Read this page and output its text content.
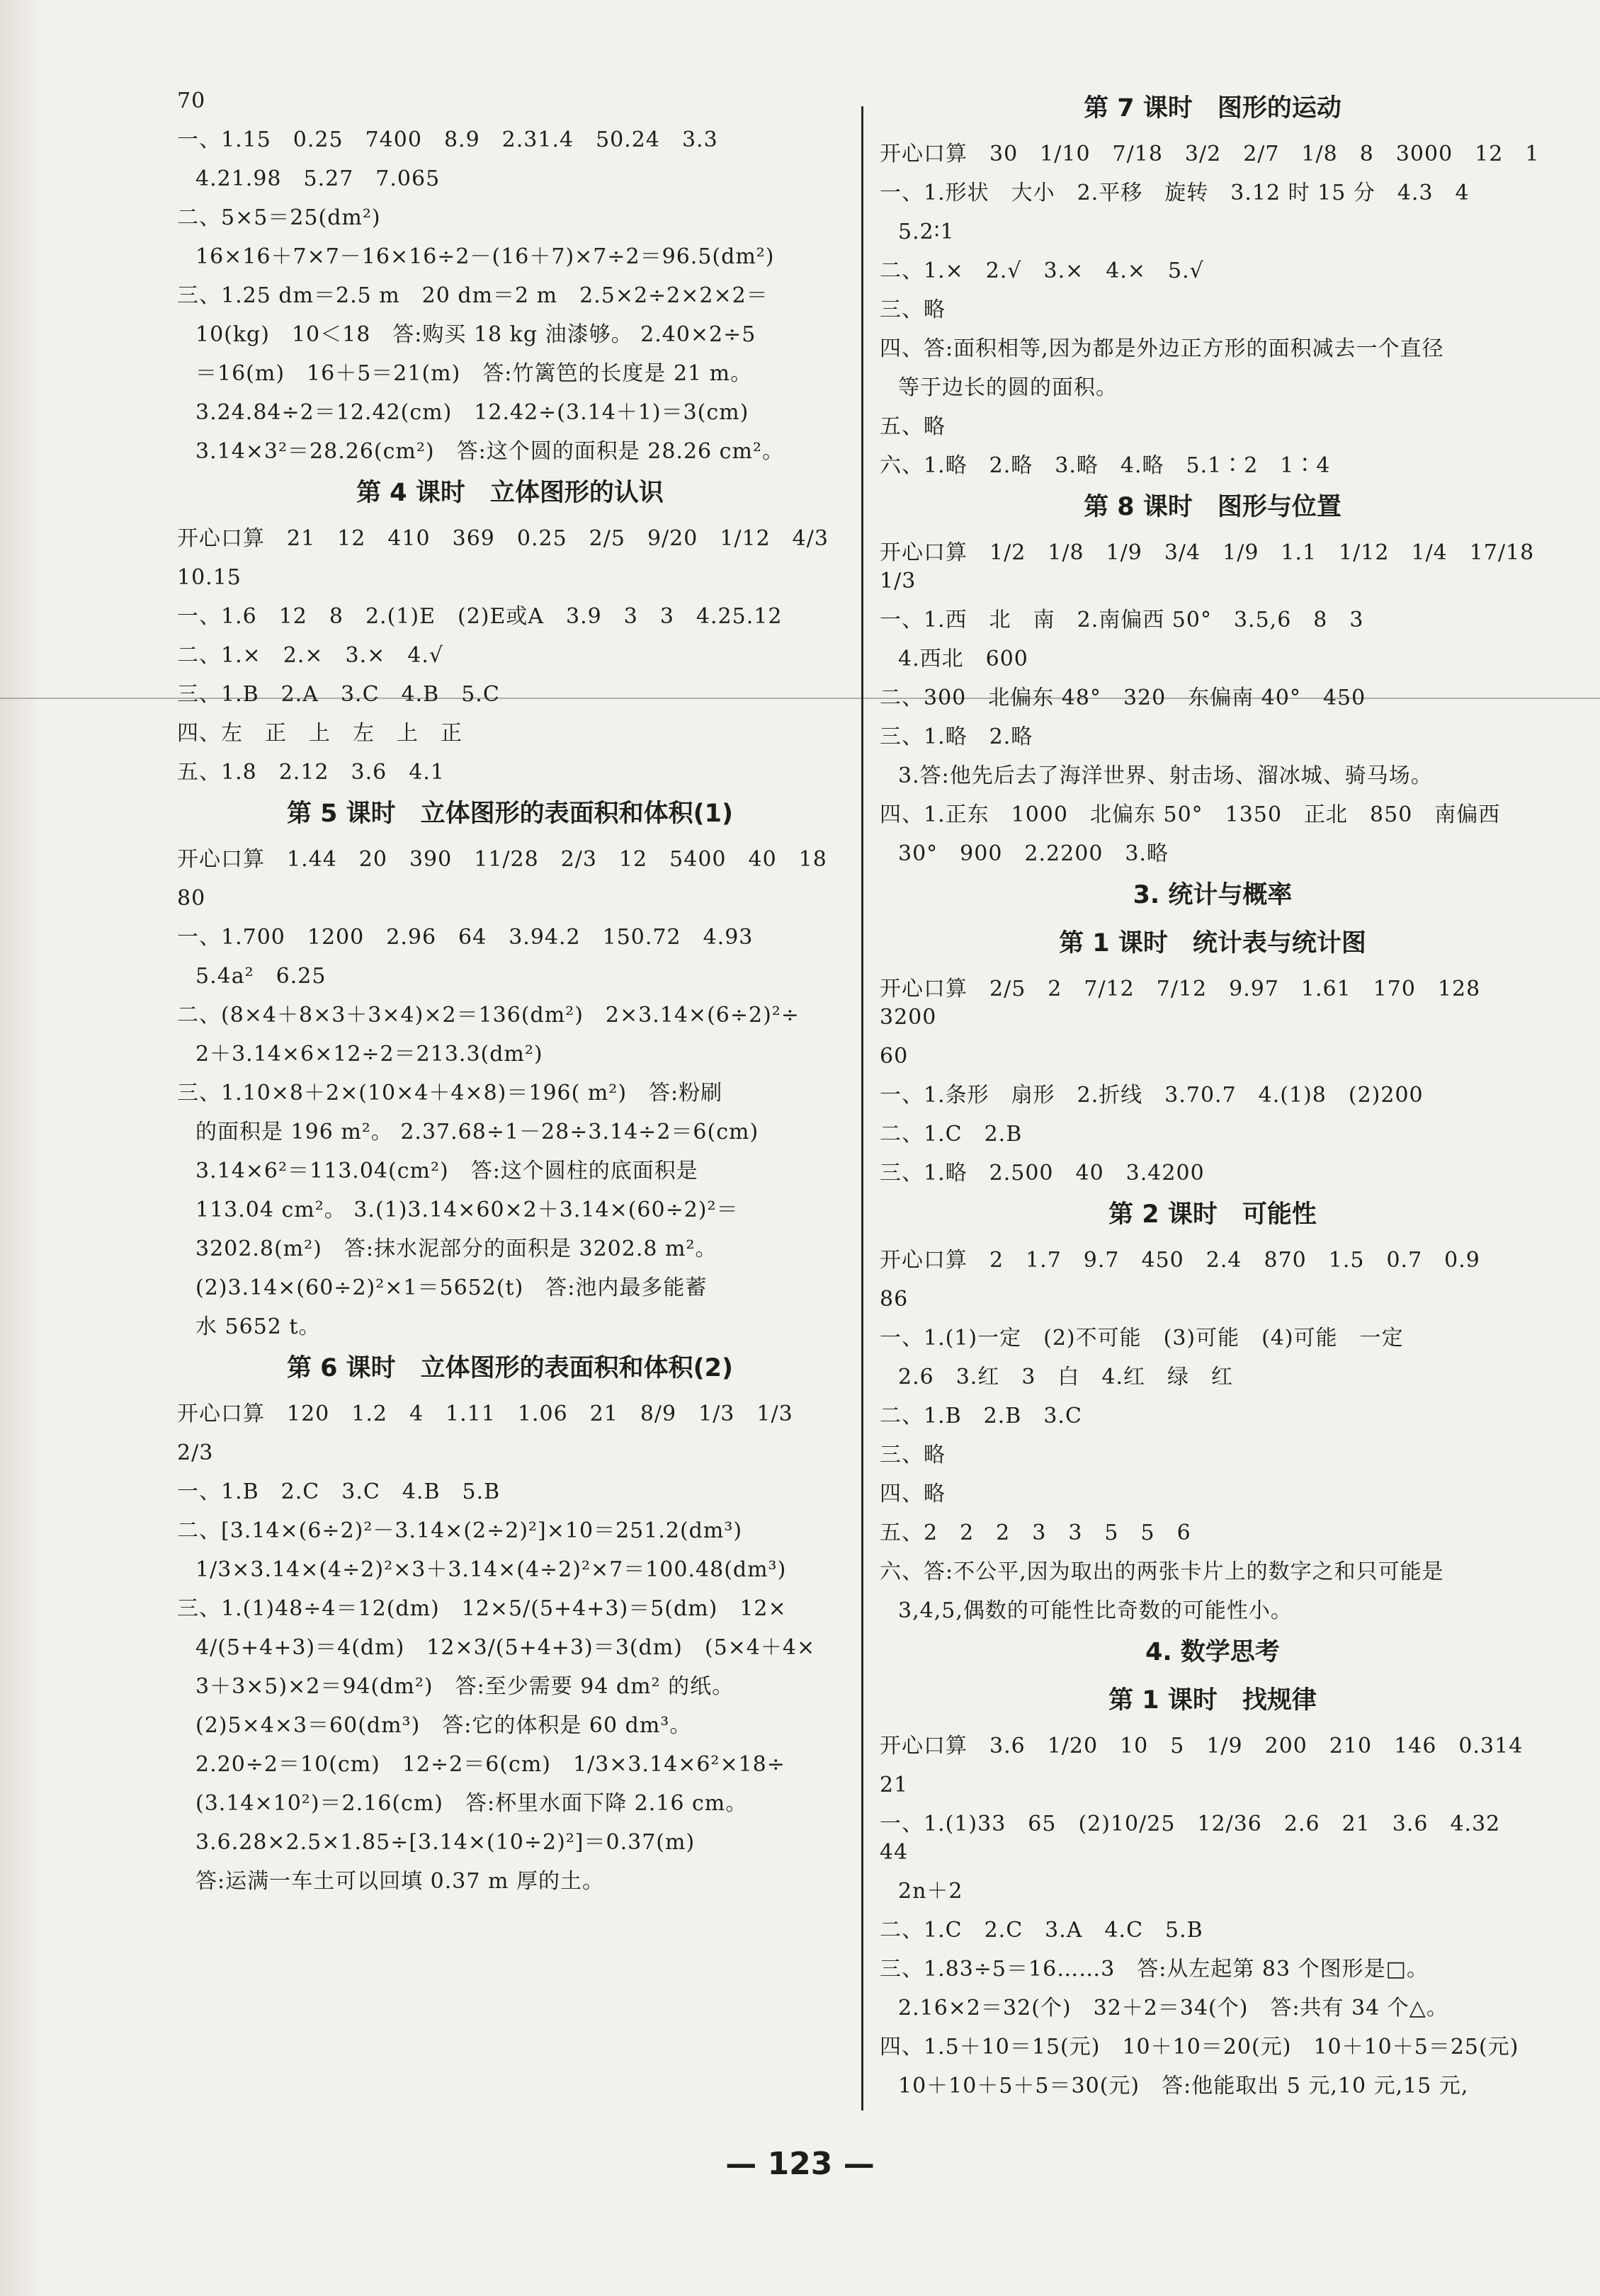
70
一、1.15　0.25　7400　8.9　2.31.4　50.24　3.3
4.21.98　5.27　7.065
二、5×5＝25(dm²)
16×16＋7×7－16×16÷2－(16＋7)×7÷2＝96.5(dm²)
三、1.25 dm＝2.5 m　20 dm＝2 m　2.5×2÷2×2×2＝
10(kg)　10＜18　答:购买 18 kg 油漆够。 2.40×2÷5
＝16(m)　16＋5＝21(m)　答:竹篱笆的长度是 21 m。
3.24.84÷2＝12.42(cm)　12.42÷(3.14＋1)＝3(cm)
3.14×3²＝28.26(cm²)　答:这个圆的面积是 28.26 cm²。
第 4 课时　立体图形的认识
开心口算　21　12　410　369　0.25　2/5　9/20　1/12　4/3
10.15
一、1.6　12　8　2.(1)E　(2)E或A　3.9　3　3　4.25.12
二、1.×　2.×　3.×　4.√
三、1.B　2.A　3.C　4.B　5.C
四、左　正　上　左　上　正
五、1.8　2.12　3.6　4.1
第 5 课时　立体图形的表面积和体积(1)
开心口算　1.44　20　390　11/28　2/3　12　5400　40　18
80
一、1.700　1200　2.96　64　3.94.2　150.72　4.93
5.4a²　6.25
二、(8×4＋8×3＋3×4)×2＝136(dm²)　2×3.14×(6÷2)²÷
2＋3.14×6×12÷2＝213.3(dm²)
三、1.10×8＋2×(10×4＋4×8)＝196( m²)　答:粉刷
的面积是 196 m²。 2.37.68÷1－28÷3.14÷2＝6(cm)
3.14×6²＝113.04(cm²)　答:这个圆柱的底面积是
113.04 cm²。 3.(1)3.14×60×2＋3.14×(60÷2)²＝
3202.8(m²)　答:抹水泥部分的面积是 3202.8 m²。
(2)3.14×(60÷2)²×1＝5652(t)　答:池内最多能蓄
水 5652 t。
第 6 课时　立体图形的表面积和体积(2)
开心口算　120　1.2　4　1.11　1.06　21　8/9　1/3　1/3
2/3
一、1.B　2.C　3.C　4.B　5.B
二、[3.14×(6÷2)²－3.14×(2÷2)²]×10＝251.2(dm³)
1/3×3.14×(4÷2)²×3＋3.14×(4÷2)²×7＝100.48(dm³)
三、1.(1)48÷4＝12(dm)　12×5/(5+4+3)＝5(dm)　12×
4/(5+4+3)＝4(dm)　12×3/(5+4+3)＝3(dm)　(5×4＋4×
3＋3×5)×2＝94(dm²)　答:至少需要 94 dm² 的纸。
(2)5×4×3＝60(dm³)　答:它的体积是 60 dm³。
2.20÷2＝10(cm)　12÷2＝6(cm)　1/3×3.14×6²×18÷
(3.14×10²)＝2.16(cm)　答:杯里水面下降 2.16 cm。
3.6.28×2.5×1.85÷[3.14×(10÷2)²]＝0.37(m)
答:运满一车土可以回填 0.37 m 厚的土。
第 7 课时　图形的运动
开心口算　30　1/10　7/18　3/2　2/7　1/8　8　3000　12　1
一、1.形状　大小　2.平移　旋转　3.12 时 15 分　4.3　4
5.2∶1
二、1.×　2.√　3.×　4.×　5.√
三、略
四、答:面积相等,因为都是外边正方形的面积减去一个直径
等于边长的圆的面积。
五、略
六、1.略　2.略　3.略　4.略　5.1∶2　1∶4
第 8 课时　图形与位置
开心口算　1/2　1/8　1/9　3/4　1/9　1.1　1/12　1/4　17/18　1/3
一、1.西　北　南　2.南偏西 50°　3.5,6　8　3
4.西北　600
二、300　北偏东 48°　320　东偏南 40°　450
三、1.略　2.略
3.答:他先后去了海洋世界、射击场、溜冰城、骑马场。
四、1.正东　1000　北偏东 50°　1350　正北　850　南偏西
30°　900　2.2200　3.略
3. 统计与概率
第 1 课时　统计表与统计图
开心口算　2/5　2　7/12　7/12　9.97　1.61　170　128　3200
60
一、1.条形　扇形　2.折线　3.70.7　4.(1)8　(2)200
二、1.C　2.B
三、1.略　2.500　40　3.4200
第 2 课时　可能性
开心口算　2　1.7　9.7　450　2.4　870　1.5　0.7　0.9
86
一、1.(1)一定　(2)不可能　(3)可能　(4)可能　一定
2.6　3.红　3　白　4.红　绿　红
二、1.B　2.B　3.C
三、略
四、略
五、2　2　2　3　3　5　5　6
六、答:不公平,因为取出的两张卡片上的数字之和只可能是
3,4,5,偶数的可能性比奇数的可能性小。
4. 数学思考
第 1 课时　找规律
开心口算　3.6　1/20　10　5　1/9　200　210　146　0.314
21
一、1.(1)33　65　(2)10/25　12/36　2.6　21　3.6　4.32　44
2n＋2
二、1.C　2.C　3.A　4.C　5.B
三、1.83÷5＝16……3　答:从左起第 83 个图形是□。
2.16×2＝32(个)　32＋2＝34(个)　答:共有 34 个△。
四、1.5＋10＝15(元)　10＋10＝20(元)　10＋10＋5＝25(元)
10＋10＋5＋5＝30(元)　答:他能取出 5 元,10 元,15 元,
— 123 —
